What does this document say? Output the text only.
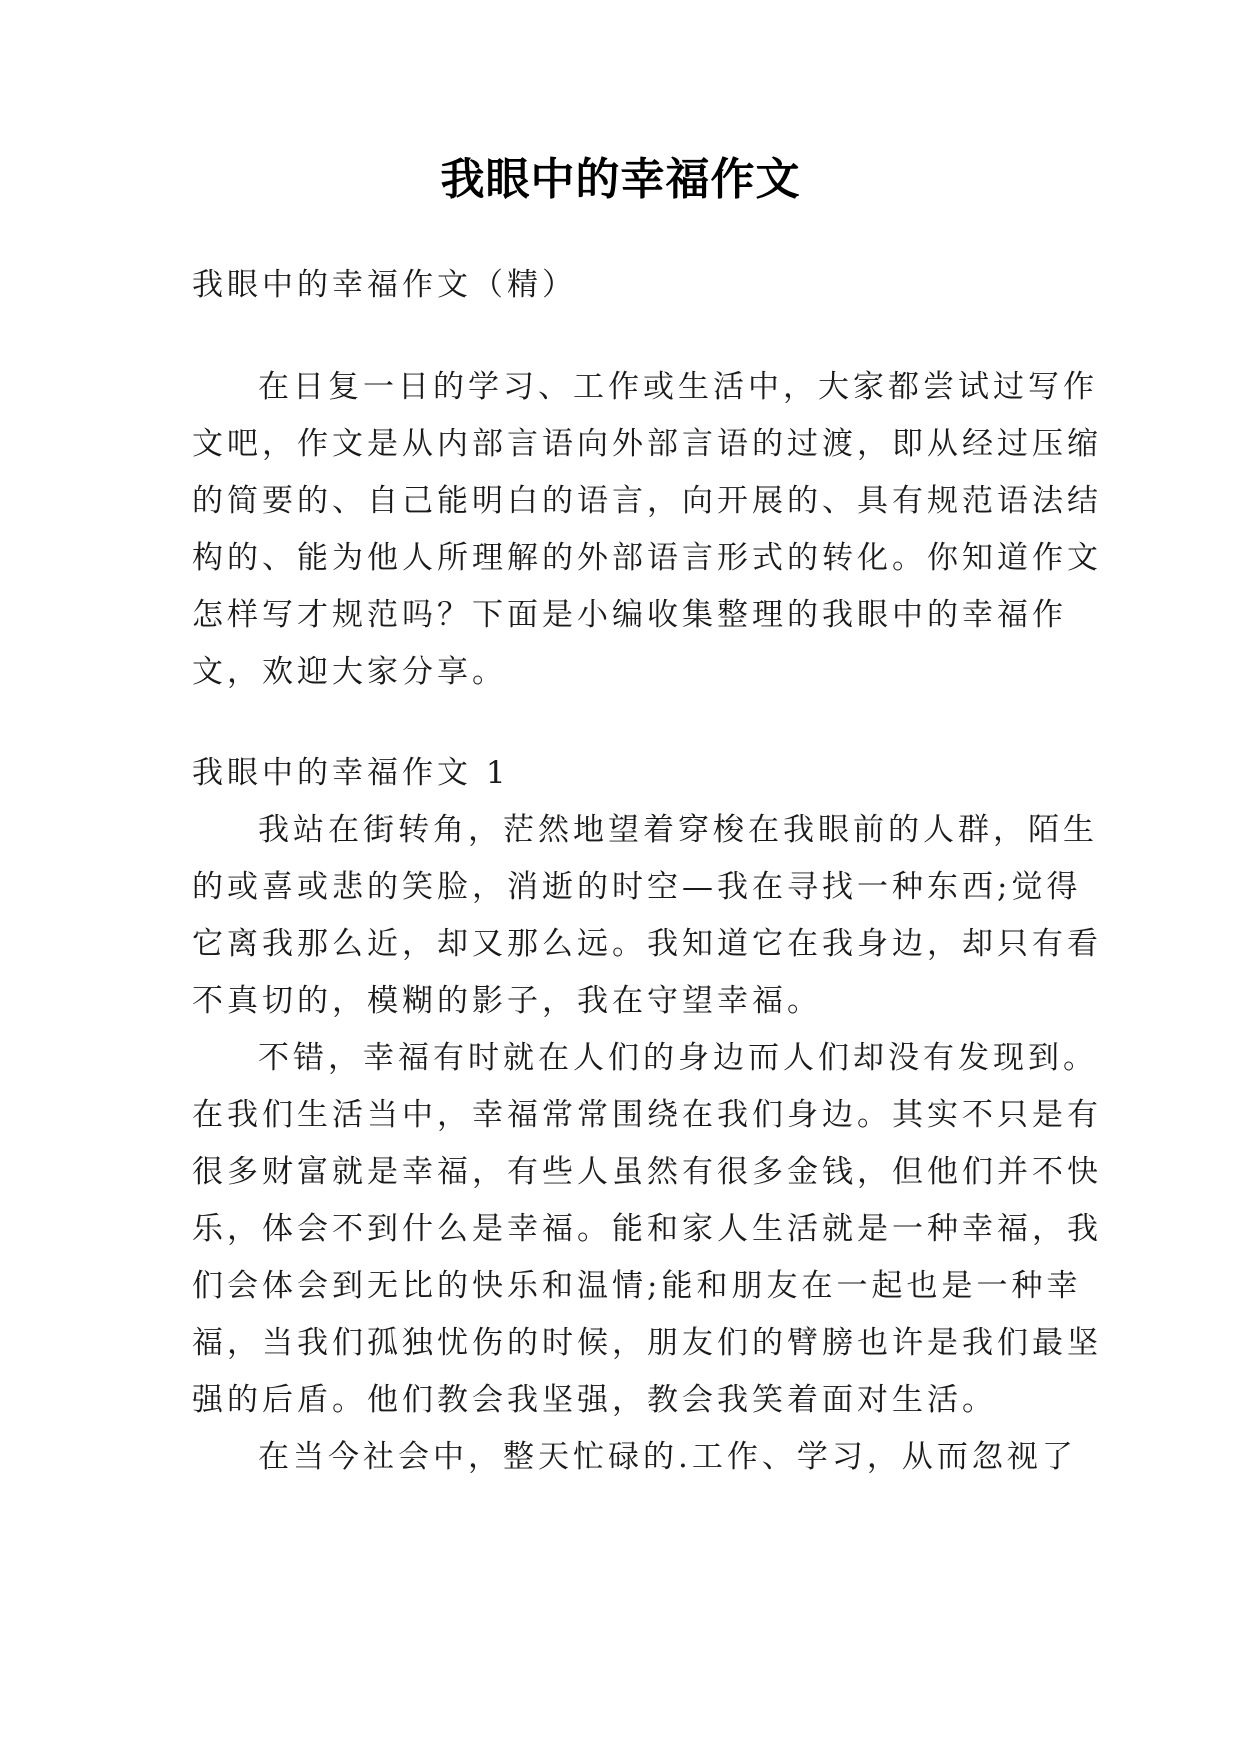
我眼中的幸福作文
我眼中的幸福作文（精）
在日复一日的学习、工作或生活中，大家都尝试过写作
文吧，作文是从内部言语向外部言语的过渡，即从经过压缩
的简要的、自己能明白的语言，向开展的、具有规范语法结
构的、能为他人所理解的外部语言形式的转化。你知道作文
怎样写才规范吗？下面是小编收集整理的我眼中的幸福作
文，欢迎大家分享。
我眼中的幸福作文 1
我站在街转角，茫然地望着穿梭在我眼前的人群，陌生
的或喜或悲的笑脸，消逝的时空—我在寻找一种东西;觉得
它离我那么近，却又那么远。我知道它在我身边，却只有看
不真切的，模糊的影子，我在守望幸福。
不错，幸福有时就在人们的身边而人们却没有发现到。
在我们生活当中，幸福常常围绕在我们身边。其实不只是有
很多财富就是幸福，有些人虽然有很多金钱，但他们并不快
乐，体会不到什么是幸福。能和家人生活就是一种幸福，我
们会体会到无比的快乐和温情;能和朋友在一起也是一种幸
福，当我们孤独忧伤的时候，朋友们的臂膀也许是我们最坚
强的后盾。他们教会我坚强，教会我笑着面对生活。
在当今社会中，整天忙碌的.工作、学习，从而忽视了
